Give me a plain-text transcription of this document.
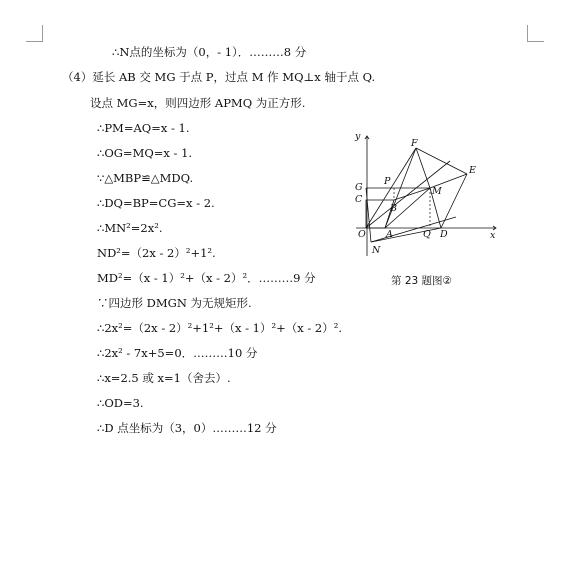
∴N点的坐标为（0，- 1）．………8 分
（4）延长 AB 交 MG 于点 P，过点 M 作 MQ⊥x 轴于点 Q.
设点 MG=x，则四边形 APMQ 为正方形.
∴PM=AQ=x - 1.
∴OG=MQ=x - 1.
∵△MBP≌△MDQ.
∴DQ=BP=CG=x - 2.
∴MN²=2x².
ND²=（2x - 2）²+1².
MD²=（x - 1）²+（x - 2）²．………9 分
∵四边形 DMGN 为无规矩形.
∴2x²=（2x - 2）²+1²+（x - 1）²+（x - 2）².
∴2x² - 7x+5=0．………10 分
∴x=2.5 或 x=1（舍去）.
∴OD=3.
∴D 点坐标为（3，0）………12 分
y
x
F
E
G
C
P
B
M
O A	Q D
N
第 23 题图②
